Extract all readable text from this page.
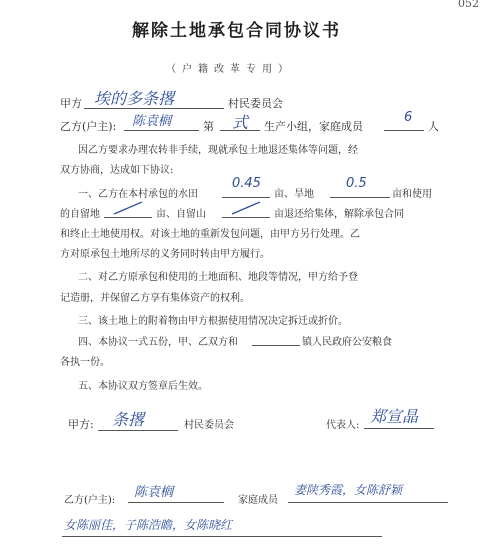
052
解除土地承包合同协议书
（户籍改革专用）
甲方 埃的多条撂	村民委员会
乙方(户主): 陈袁榈	第 式 生产小组，家庭成员
6
人
因乙方要求办理农转非手续，现就承包土地退还集体等问题，经
双方协商，达成如下协议:
一、乙方在本村承包的水田
0.45
亩、旱地
0.5
亩和使用
的自留地	亩、自留山	亩退还给集体，解除承包合同
和终止土地使用权。对该土地的重新发包问题，由甲方另行处理。乙
方对原承包土地所尽的义务同时转由甲方履行。
二、对乙方原承包和使用的土地面积、地段等情况，甲方给予登
记造册，并保留乙方享有集体资产的权利。
三、该土地上的附着物由甲方根据使用情况决定拆迁或折价。
四、本协议一式五份，甲、乙双方和	镇人民政府公安粮食
各执一份。
五、本协议双方签章后生效。
甲方: 条撂	村民委员会	代表人: 郑宣晶
乙方(户主):
陈袁榈
家庭成员
妻陕秀霞，女陈舒颖
女陈丽佳，子陈浩瞻，女陈晓红
